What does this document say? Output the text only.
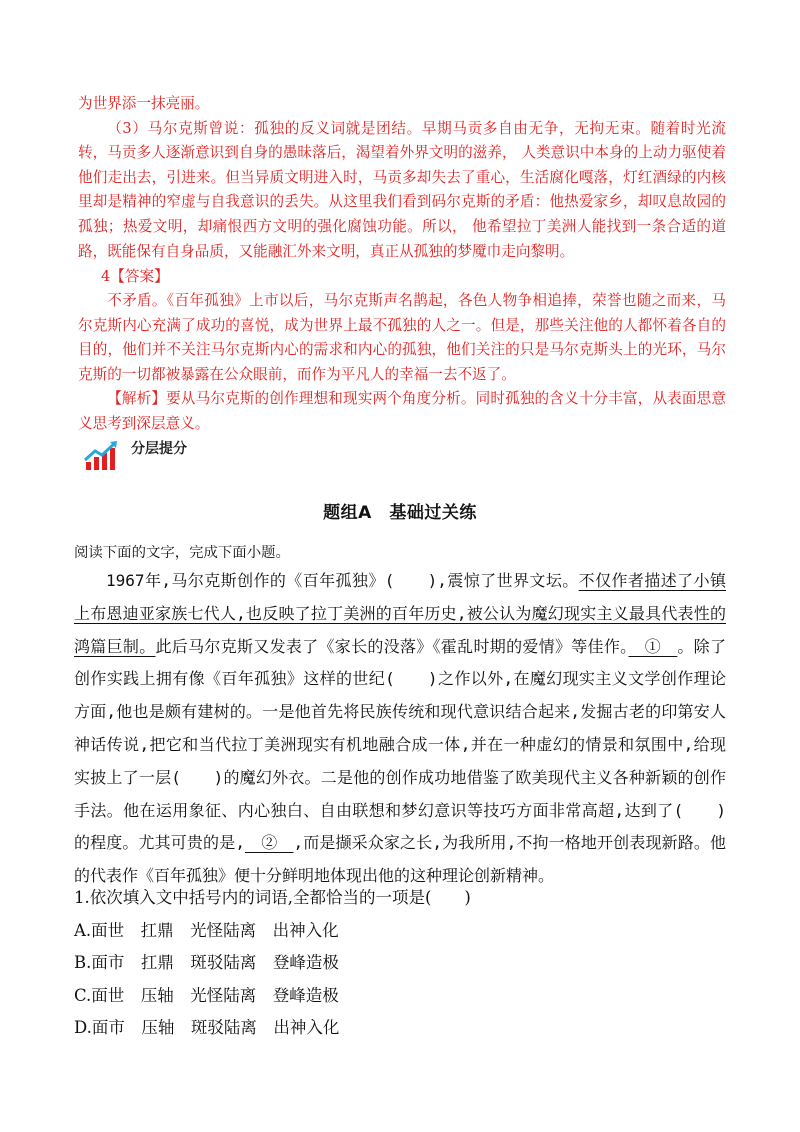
为世界添一抹亮丽。

（3）马尔克斯曾说：孤独的反义词就是团结。早期马贡多自由无争，无拘无束。随着时光流转，马贡多人逐渐意识到自身的愚昧落后，渴望着外界文明的滋养， 人类意识中本身的上动力驱使着他们走出去，引进来。但当异质文明进入时，马贡多却失去了重心，生活腐化嘎落，灯红酒绿的内核里却是精神的窄虚与自我意识的丢失。从这里我们看到码尔克斯的矛盾：他热爱家乡，却叹息故园的孤独；热爱文明，却痛恨西方文明的强化腐蚀功能。所以， 他希望拉丁美洲人能找到一条合适的道路，既能保有自身品质，又能融汇外来文明，真正从孤独的梦魇巾走向黎明。

4【答案】

不矛盾。《百年孤独》上市以后，马尔克斯声名鹊起，各色人物争相追捧，荣誉也随之而来，马尔克斯内心充满了成功的喜悦，成为世界上最不孤独的人之一。但是，那些关注他的人都怀着各自的目的，他们并不关注马尔克斯内心的需求和内心的孤独，他们关注的只是马尔克斯头上的光环，马尔克斯的一切都被暴露在公众眼前，而作为平凡人的幸福一去不返了。

【解析】要从马尔克斯的创作理想和现实两个角度分析。同时孤独的含义十分丰富，从表面思意义思考到深层意义。

分层提分
题组A　基础过关练
阅读下面的文字，完成下面小题。

1967年,马尔克斯创作的《百年孤独》(　　),震惊了世界文坛。不仅作者描述了小镇上布恩迪亚家族七代人,也反映了拉丁美洲的百年历史,被公认为魔幻现实主义最具代表性的鸿篇巨制。此后马尔克斯又发表了《家长的没落》《霍乱时期的爱情》等佳作。　①　。除了创作实践上拥有像《百年孤独》这样的世纪(　　)之作以外,在魔幻现实主义文学创作理论方面,他也是颇有建树的。一是他首先将民族传统和现代意识结合起来,发掘古老的印第安人神话传说,把它和当代拉丁美洲现实有机地融合成一体,并在一种虚幻的情景和氛围中,给现实披上了一层(　　)的魔幻外衣。二是他的创作成功地借鉴了欧美现代主义各种新颖的创作手法。他在运用象征、内心独白、自由联想和梦幻意识等技巧方面非常高超,达到了(　　)的程度。尤其可贵的是,　②　,而是撷采众家之长,为我所用,不拘一格地开创表现新路。他的代表作《百年孤独》便十分鲜明地体现出他的这种理论创新精神。

1.依次填入文中括号内的词语,全都恰当的一项是(　　)
A.面世　扛鼎　光怪陆离　出神入化
B.面市　扛鼎　斑驳陆离　登峰造极
C.面世　压轴　光怪陆离　登峰造极
D.面市　压轴　斑驳陆离　出神入化
